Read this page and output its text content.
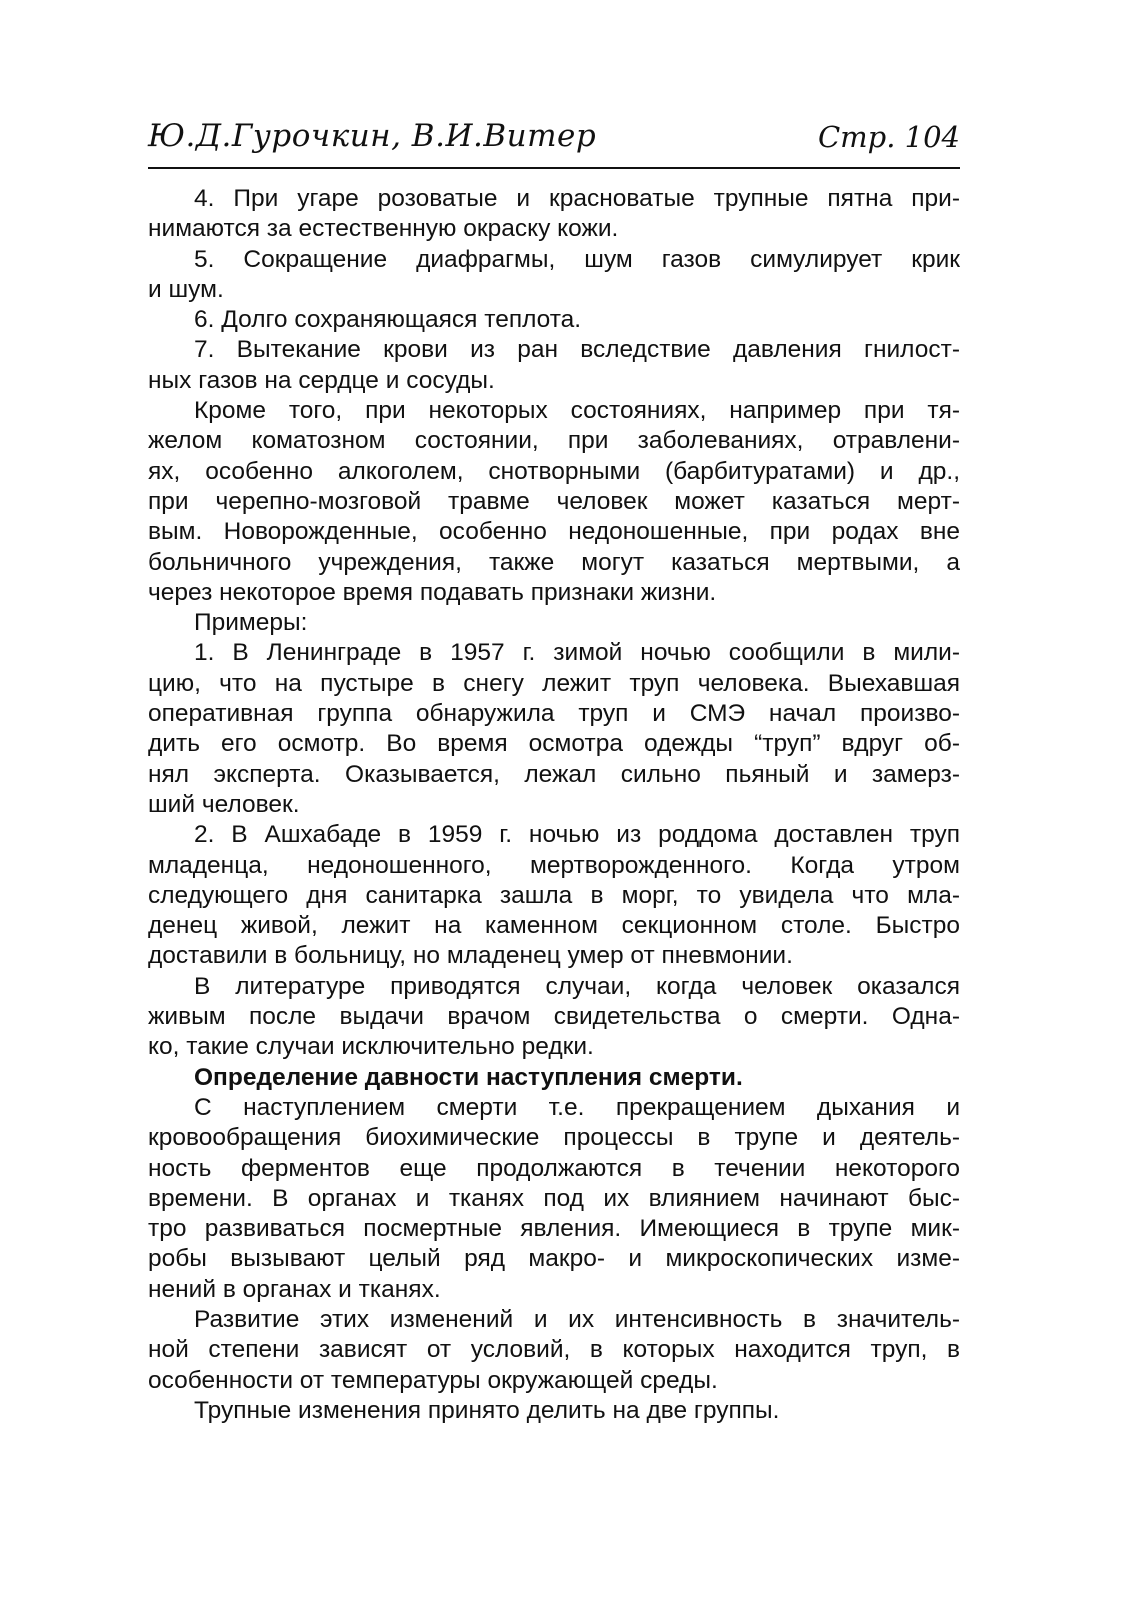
Ю.Д.Гурочкин, В.И.Витер	Стр. 104

4. При угаре розоватые и красноватые трупные пятна при-
нимаются за естественную окраску кожи.

5. Сокращение диафрагмы, шум газов симулирует крик
и шум.

6. Долго сохраняющаяся теплота.

7. Вытекание крови из ран вследствие давления гнилост-
ных газов на сердце и сосуды.

Кроме того, при некоторых состояниях, например при тя-
желом коматозном состоянии, при заболеваниях, отравлени-
ях, особенно алкоголем, снотворными (барбитуратами) и др.,
при черепно-мозговой травме человек может казаться мерт-
вым. Новорожденные, особенно недоношенные, при родах вне
больничного учреждения, также могут казаться мертвыми, а
через некоторое время подавать признаки жизни.

Примеры:

1. В Ленинграде в 1957 г. зимой ночью сообщили в мили-
цию, что на пустыре в снегу лежит труп человека. Выехавшая
оперативная группа обнаружила труп и СМЭ начал произво-
дить его осмотр. Во время осмотра одежды “труп” вдруг об-
нял эксперта. Оказывается, лежал сильно пьяный и замерз-
ший человек.

2. В Ашхабаде в 1959 г. ночью из роддома доставлен труп
младенца, недоношенного, мертворожденного. Когда утром
следующего дня санитарка зашла в морг, то увидела что мла-
денец живой, лежит на каменном секционном столе. Быстро
доставили в больницу, но младенец умер от пневмонии.

В литературе приводятся случаи, когда человек оказался
живым после выдачи врачом свидетельства о смерти. Одна-
ко, такие случаи исключительно редки.

Определение давности наступления смерти.

С наступлением смерти т.е. прекращением дыхания и
кровообращения биохимические процессы в трупе и деятель-
ность ферментов еще продолжаются в течении некоторого
времени. В органах и тканях под их влиянием начинают быс-
тро развиваться посмертные явления. Имеющиеся в трупе мик-
робы вызывают целый ряд макро- и микроскопических изме-
нений в органах и тканях.

Развитие этих изменений и их интенсивность в значитель-
ной степени зависят от условий, в которых находится труп, в
особенности от температуры окружающей среды.

Трупные изменения принято делить на две группы.
